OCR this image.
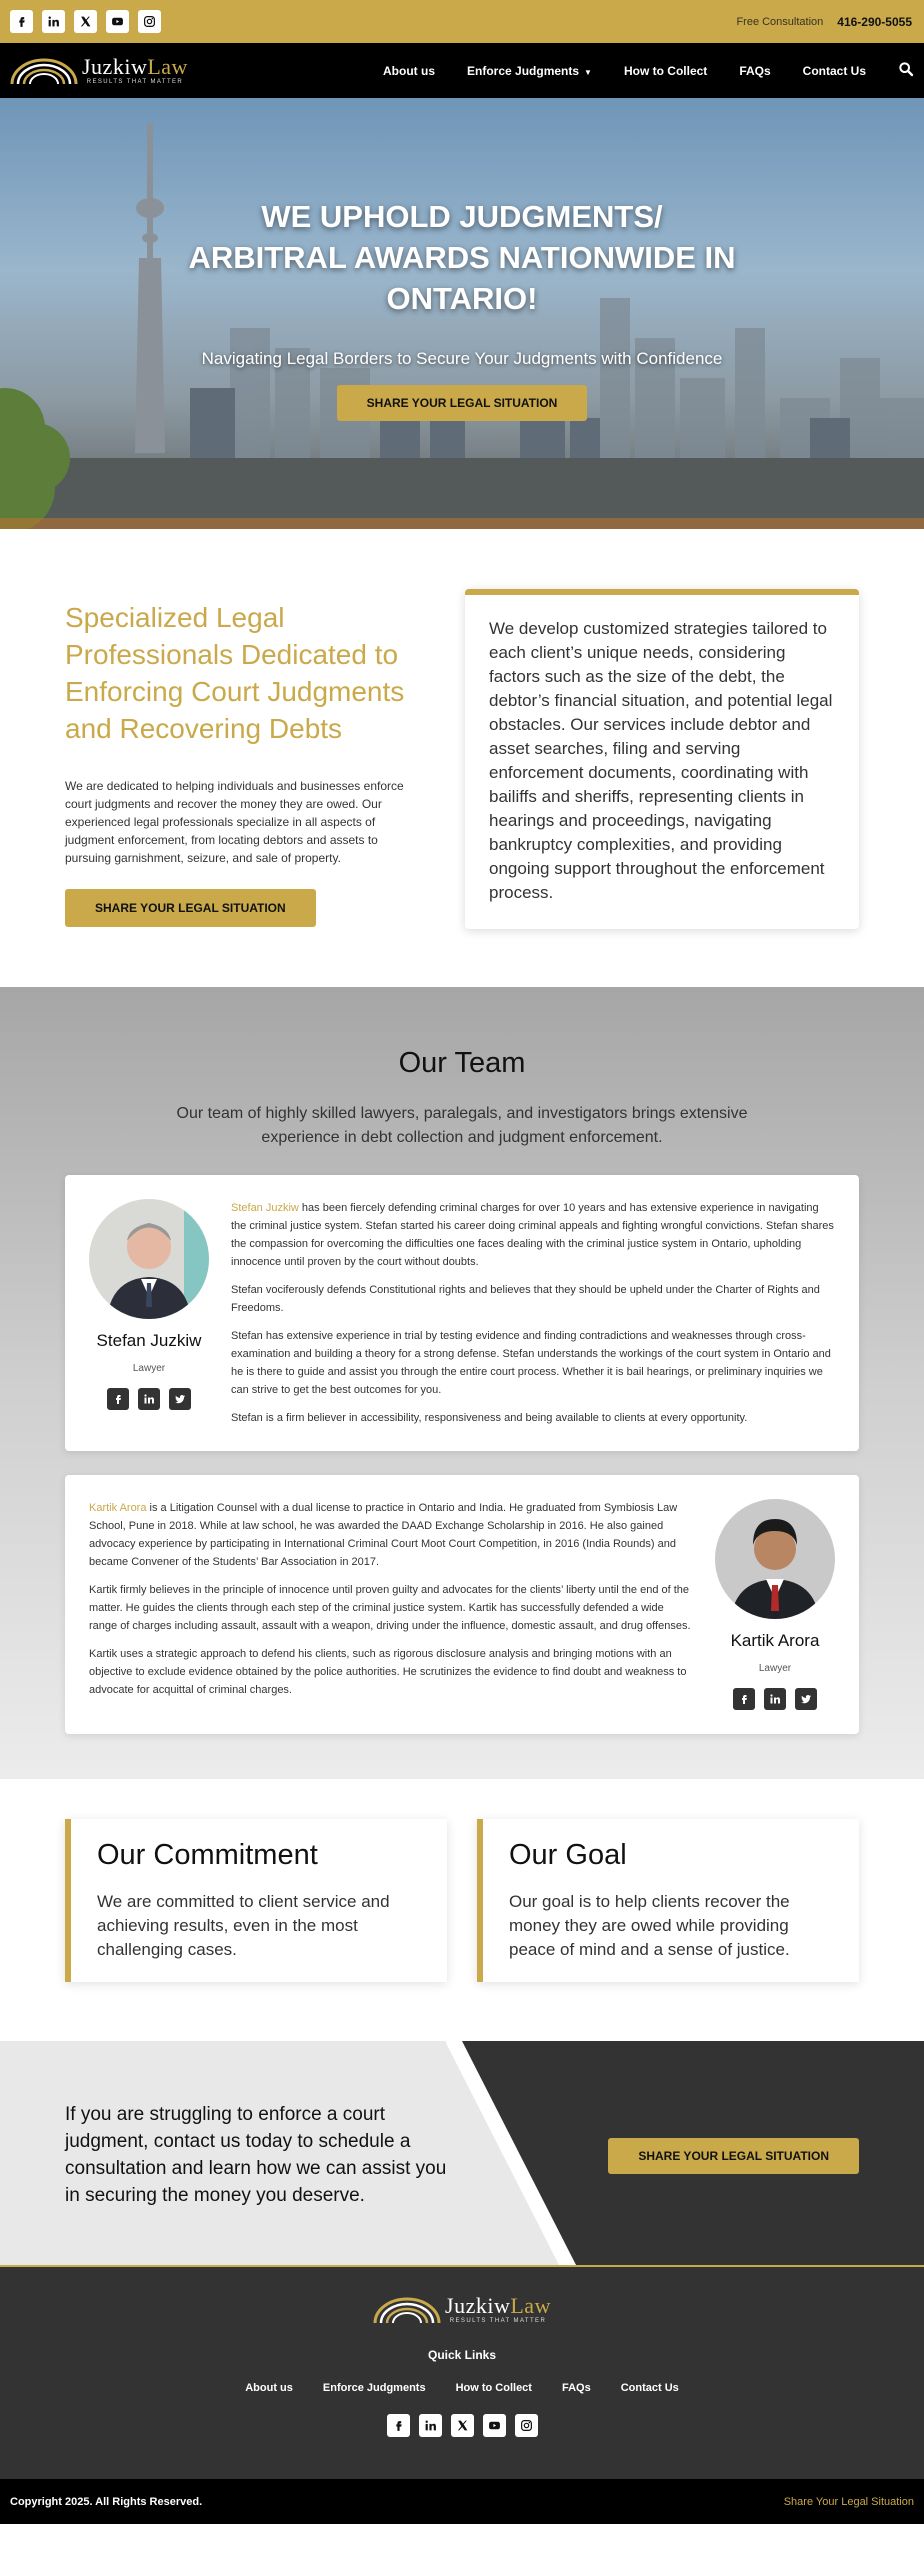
Free Consultation 416-290-5055
JuzkiwLaw
RESULTS THAT MATTER
About us	Enforce Judgments ▼	How to Collect	FAQs	Contact Us
WE UPHOLD JUDGMENTS/ ARBITRAL AWARDS NATIONWIDE IN ONTARIO!
Navigating Legal Borders to Secure Your Judgments with Confidence
SHARE YOUR LEGAL SITUATION
Specialized Legal Professionals Dedicated to Enforcing Court Judgments and Recovering Debts

We are dedicated to helping individuals and businesses enforce court judgments and recover the money they are owed. Our experienced legal professionals specialize in all aspects of judgment enforcement, from locating debtors and assets to pursuing garnishment, seizure, and sale of property.

SHARE YOUR LEGAL SITUATION
We develop customized strategies tailored to each client’s unique needs, considering factors such as the size of the debt, the debtor’s financial situation, and potential legal obstacles. Our services include debtor and asset searches, filing and serving enforcement documents, coordinating with bailiffs and sheriffs, representing clients in hearings and proceedings, navigating bankruptcy complexities, and providing ongoing support throughout the enforcement process.
Our Team
Our team of highly skilled lawyers, paralegals, and investigators brings extensive experience in debt collection and judgment enforcement.
Stefan Juzkiw
Lawyer

Stefan Juzkiw has been fiercely defending criminal charges for over 10 years and has extensive experience in navigating the criminal justice system. Stefan started his career doing criminal appeals and fighting wrongful convictions. Stefan shares the compassion for overcoming the difficulties one faces dealing with the criminal justice system in Ontario, upholding innocence until proven by the court without doubts.

Stefan vociferously defends Constitutional rights and believes that they should be upheld under the Charter of Rights and Freedoms.

Stefan has extensive experience in trial by testing evidence and finding contradictions and weaknesses through cross-examination and building a theory for a strong defense. Stefan understands the workings of the court system in Ontario and he is there to guide and assist you through the entire court process. Whether it is bail hearings, or preliminary inquiries we can strive to get the best outcomes for you.

Stefan is a firm believer in accessibility, responsiveness and being available to clients at every opportunity.

Kartik Arora is a Litigation Counsel with a dual license to practice in Ontario and India. He graduated from Symbiosis Law School, Pune in 2018. While at law school, he was awarded the DAAD Exchange Scholarship in 2016. He also gained advocacy experience by participating in International Criminal Court Moot Court Competition, in 2016 (India Rounds) and became Convener of the Students’ Bar Association in 2017.

Kartik firmly believes in the principle of innocence until proven guilty and advocates for the clients’ liberty until the end of the matter. He guides the clients through each step of the criminal justice system. Kartik has successfully defended a wide range of charges including assault, assault with a weapon, driving under the influence, domestic assault, and drug offenses.

Kartik uses a strategic approach to defend his clients, such as rigorous disclosure analysis and bringing motions with an objective to exclude evidence obtained by the police authorities. He scrutinizes the evidence to find doubt and weakness to advocate for acquittal of criminal charges.

Kartik Arora
Lawyer
Our Commitment

We are committed to client service and achieving results, even in the most challenging cases.

Our Goal

Our goal is to help clients recover the money they are owed while providing peace of mind and a sense of justice.

If you are struggling to enforce a court judgment, contact us today to schedule a consultation and learn how we can assist you in securing the money you deserve.
SHARE YOUR LEGAL SITUATION
JuzkiwLaw
RESULTS THAT MATTER
Quick Links
About us	Enforce Judgments	How to Collect	FAQs	Contact Us
Copyright 2025. All Rights Reserved.	Share Your Legal Situation
